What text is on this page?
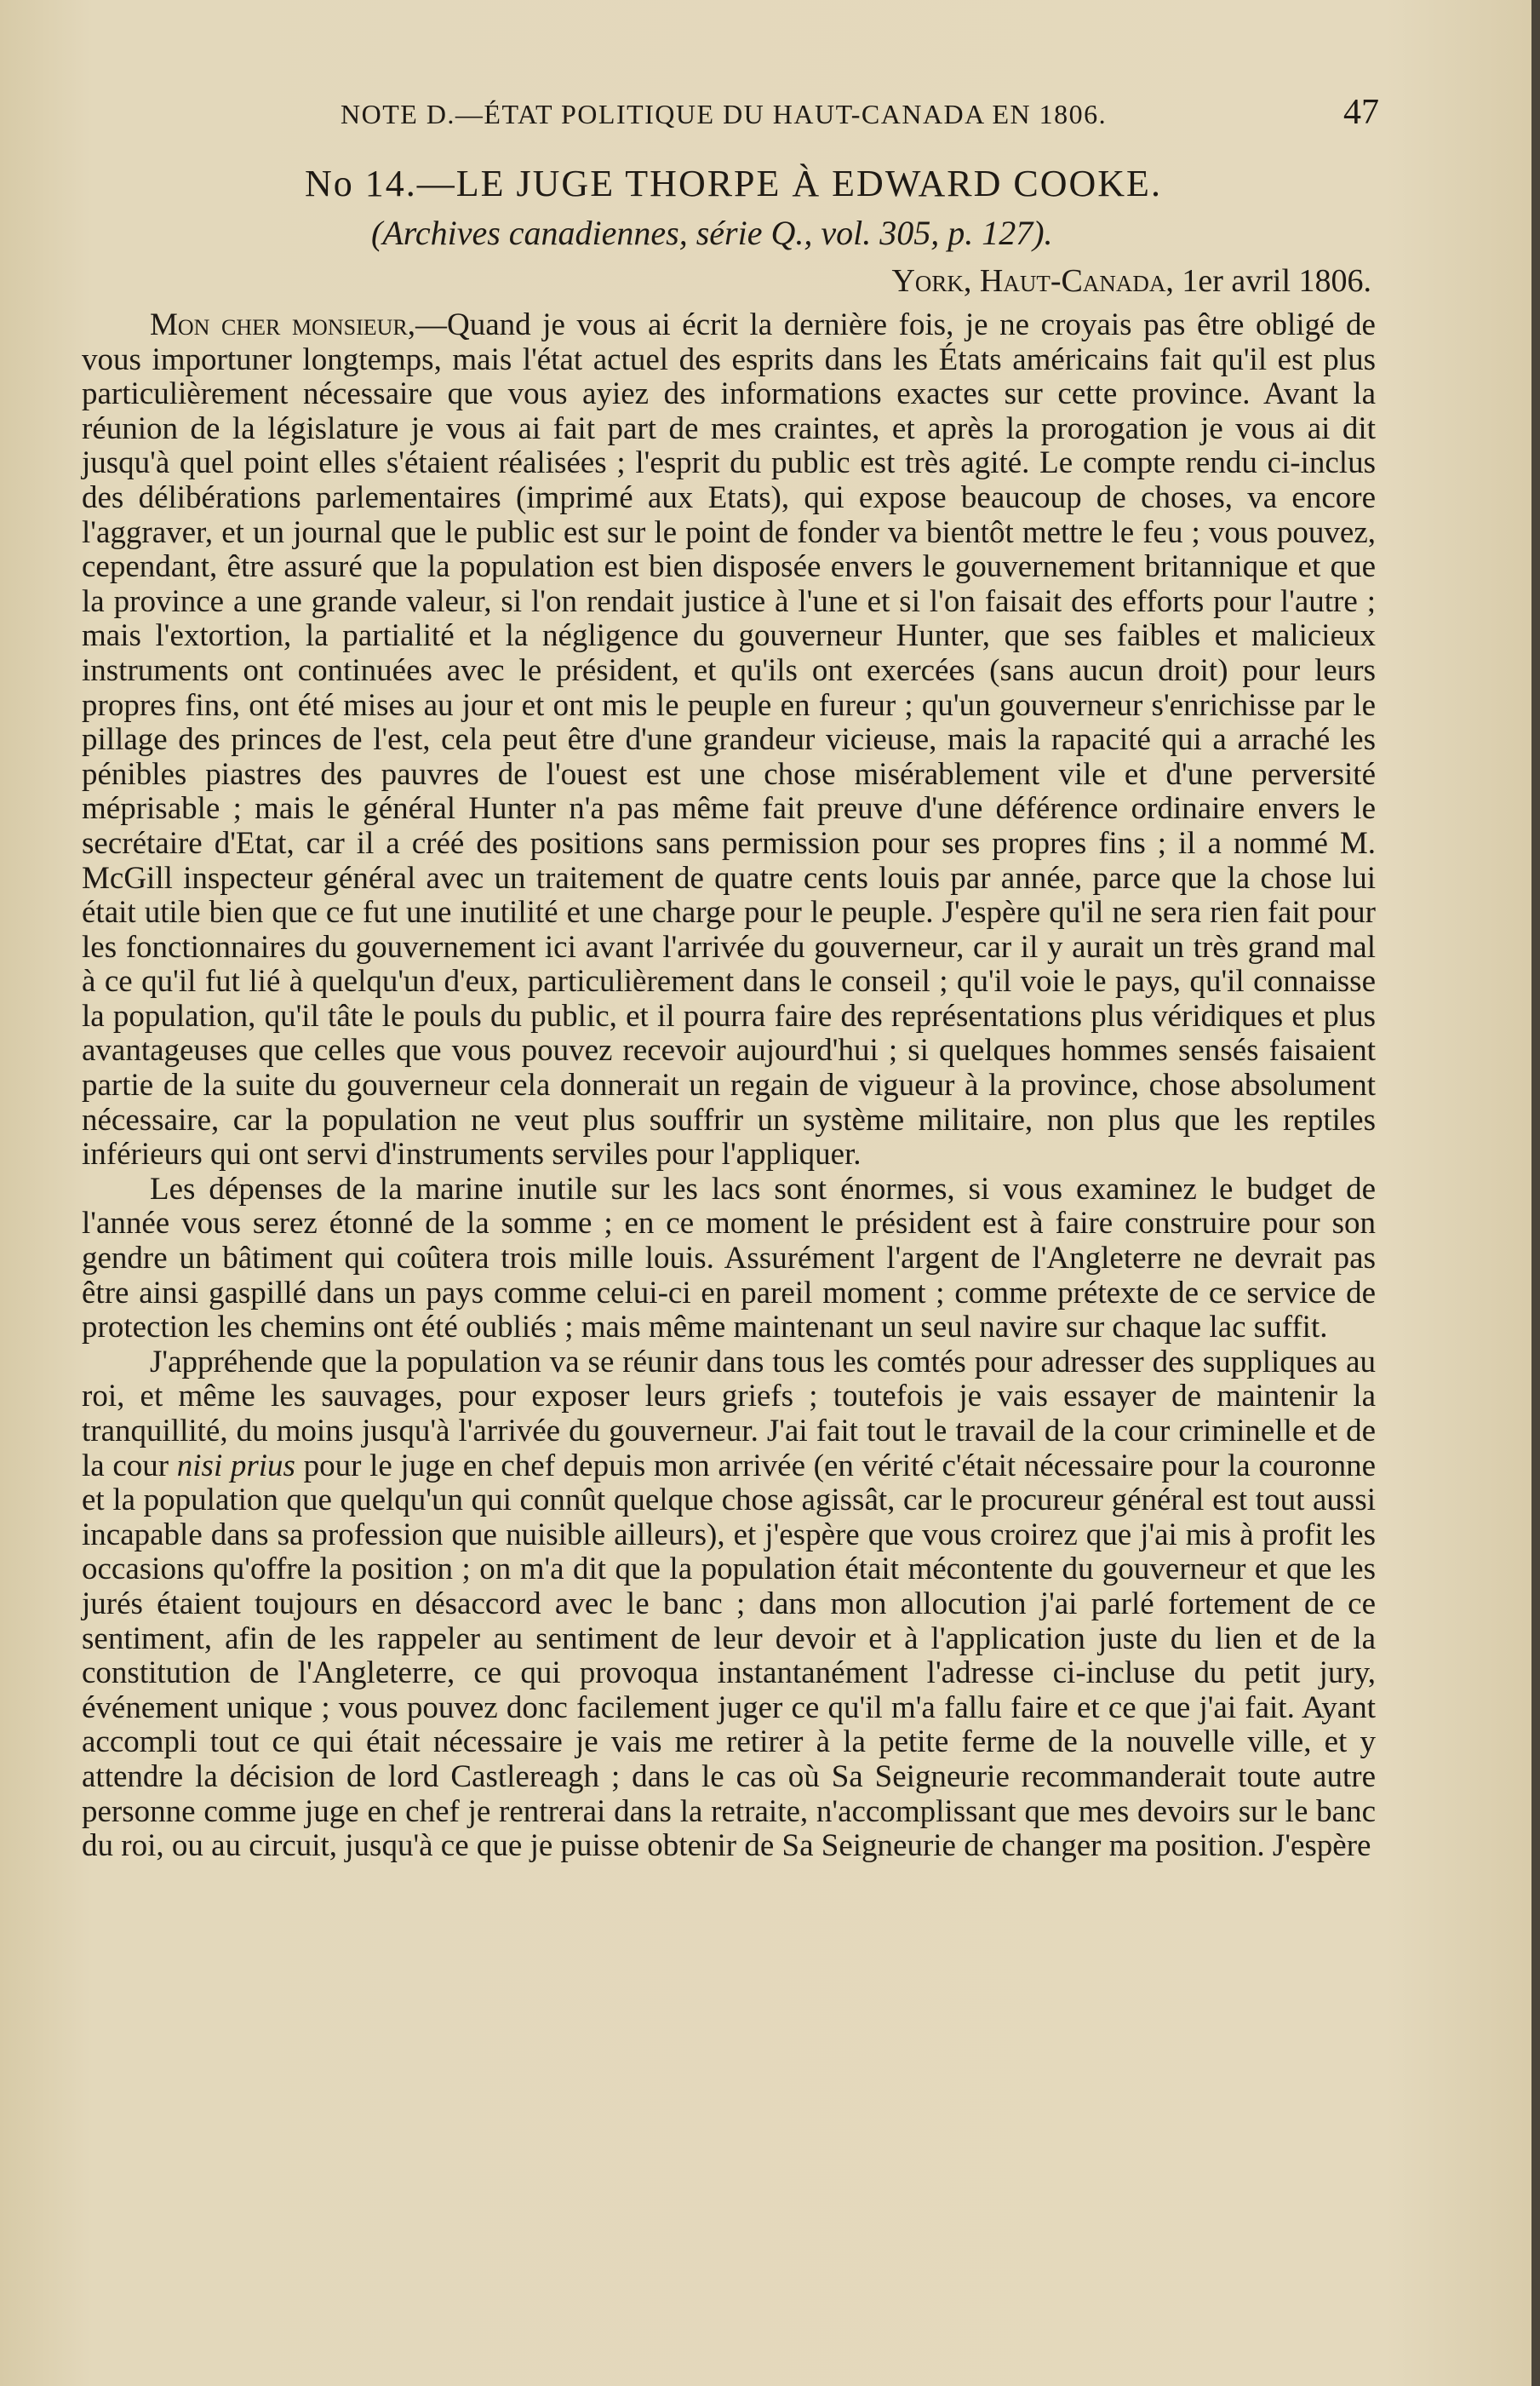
NOTE D.—ÉTAT POLITIQUE DU HAUT-CANADA EN 1806.	47
No 14.—LE JUGE THORPE À EDWARD COOKE.
(Archives canadiennes, série Q., vol. 305, p. 127).
York, Haut-Canada, 1er avril 1806.

Mon cher monsieur,—Quand je vous ai écrit la dernière fois, je ne croyais pas être obligé de vous importuner longtemps, mais l'état actuel des esprits dans les États américains fait qu'il est plus particulièrement nécessaire que vous ayiez des informations exactes sur cette province. Avant la réunion de la législature je vous ai fait part de mes craintes, et après la prorogation je vous ai dit jusqu'à quel point elles s'étaient réalisées ; l'esprit du public est très agité. Le compte rendu ci-inclus des délibérations parlementaires (imprimé aux Etats), qui expose beaucoup de choses, va encore l'aggraver, et un journal que le public est sur le point de fonder va bientôt mettre le feu ; vous pouvez, cependant, être assuré que la population est bien disposée envers le gouvernement britannique et que la province a une grande valeur, si l'on rendait justice à l'une et si l'on faisait des efforts pour l'autre ; mais l'extortion, la partialité et la négligence du gouverneur Hunter, que ses faibles et malicieux instruments ont continuées avec le président, et qu'ils ont exercées (sans aucun droit) pour leurs propres fins, ont été mises au jour et ont mis le peuple en fureur ; qu'un gouverneur s'enrichisse par le pillage des princes de l'est, cela peut être d'une grandeur vicieuse, mais la rapacité qui a arraché les pénibles piastres des pauvres de l'ouest est une chose misérablement vile et d'une perversité méprisable ; mais le général Hunter n'a pas même fait preuve d'une déférence ordinaire envers le secrétaire d'Etat, car il a créé des positions sans permission pour ses propres fins ; il a nommé M. McGill inspecteur général avec un traitement de quatre cents louis par année, parce que la chose lui était utile bien que ce fut une inutilité et une charge pour le peuple. J'espère qu'il ne sera rien fait pour les fonctionnaires du gouvernement ici avant l'arrivée du gouverneur, car il y aurait un très grand mal à ce qu'il fut lié à quelqu'un d'eux, particulièrement dans le conseil ; qu'il voie le pays, qu'il connaisse la population, qu'il tâte le pouls du public, et il pourra faire des représentations plus véridiques et plus avantageuses que celles que vous pouvez recevoir aujourd'hui ; si quelques hommes sensés faisaient partie de la suite du gouverneur cela donnerait un regain de vigueur à la province, chose absolument nécessaire, car la population ne veut plus souffrir un système militaire, non plus que les reptiles inférieurs qui ont servi d'instruments serviles pour l'appliquer.

Les dépenses de la marine inutile sur les lacs sont énormes, si vous examinez le budget de l'année vous serez étonné de la somme ; en ce moment le président est à faire construire pour son gendre un bâtiment qui coûtera trois mille louis. Assurément l'argent de l'Angleterre ne devrait pas être ainsi gaspillé dans un pays comme celui-ci en pareil moment ; comme prétexte de ce service de protection les chemins ont été oubliés ; mais même maintenant un seul navire sur chaque lac suffit.

J'appréhende que la population va se réunir dans tous les comtés pour adresser des suppliques au roi, et même les sauvages, pour exposer leurs griefs ; toutefois je vais essayer de maintenir la tranquillité, du moins jusqu'à l'arrivée du gouverneur. J'ai fait tout le travail de la cour criminelle et de la cour nisi prius pour le juge en chef depuis mon arrivée (en vérité c'était nécessaire pour la couronne et la population que quelqu'un qui connût quelque chose agissât, car le procureur général est tout aussi incapable dans sa profession que nuisible ailleurs), et j'espère que vous croirez que j'ai mis à profit les occasions qu'offre la position ; on m'a dit que la population était mécontente du gouverneur et que les jurés étaient toujours en désaccord avec le banc ; dans mon allocution j'ai parlé fortement de ce sentiment, afin de les rappeler au sentiment de leur devoir et à l'application juste du lien et de la constitution de l'Angleterre, ce qui provoqua instantanément l'adresse ci-incluse du petit jury, événement unique ; vous pouvez donc facilement juger ce qu'il m'a fallu faire et ce que j'ai fait. Ayant accompli tout ce qui était nécessaire je vais me retirer à la petite ferme de la nouvelle ville, et y attendre la décision de lord Castlereagh ; dans le cas où Sa Seigneurie recommanderait toute autre personne comme juge en chef je rentrerai dans la retraite, n'accomplissant que mes devoirs sur le banc du roi, ou au circuit, jusqu'à ce que je puisse obtenir de Sa Seigneurie de changer ma position. J'espère
